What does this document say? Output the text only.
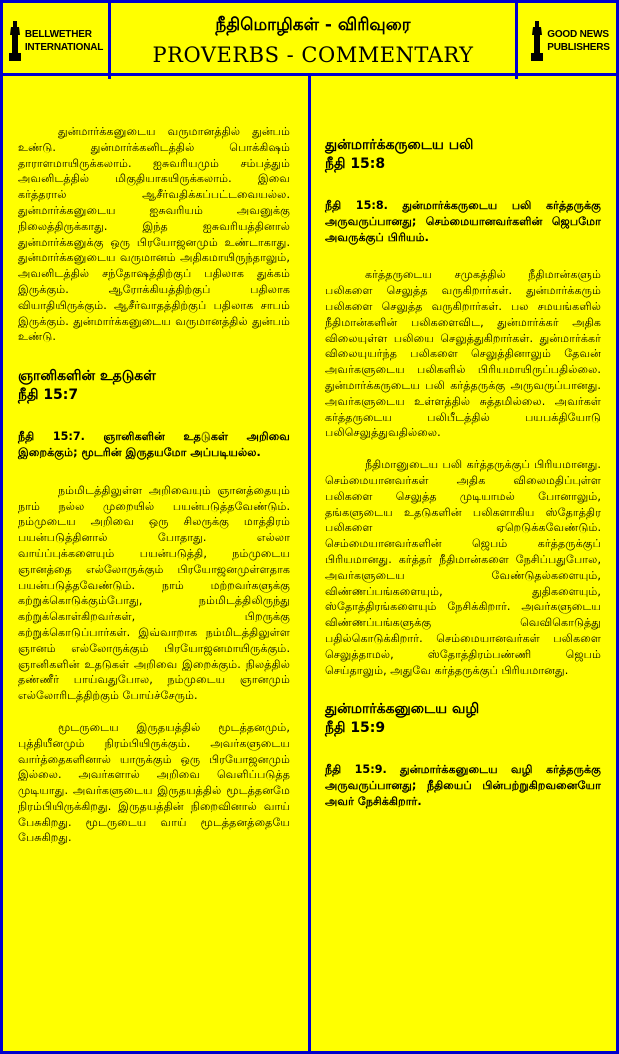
BELLWETHER
INTERNATIONAL
நீதிமொழிகள் - விரிவுரை
PROVERBS - COMMENTARY
GOOD NEWS
PUBLISHERS

துன்மார்க்கனுடைய வருமானத்தில் துன்பம் உண்டு. துன்மார்க்கனிடத்தில் பொக்கிஷம் தாராளமாயிருக்கலாம். ஐசுவரியமும் சம்பத்தும் அவனிடத்தில் மிகுதியாகயிருக்கலாம். இவை கர்த்தரால் ஆசீர்வதிக்கப்பட்டவையல்ல. துன்மார்க்கனுடைய ஐசுவரியம் அவனுக்கு நிலைத்திருக்காது. இந்த ஐசுவரியத்தினால் துன்மார்க்கனுக்கு ஒரு பிரயோஜனமும் உண்டாகாது. துன்மார்க்கனுடைய வருமானம் அதிகமாயிருந்தாலும், அவனிடத்தில் சந்தோஷத்திற்குப் பதிலாக துக்கம் இருக்கும். ஆரோக்கியத்திற்குப் பதிலாக வியாதியிருக்கும். ஆசீர்வாதத்திற்குப் பதிலாக சாபம் இருக்கும். துன்மார்க்கனுடைய வருமானத்தில் துன்பம் உண்டு.

ஞானிகளின் உதடுகள்
நீதி 15:7

நீதி 15:7. ஞானிகளின் உதடுகள் அறிவை இறைக்கும்; மூடரின் இருதயமோ அப்படியல்ல.

நம்மிடத்திலுள்ள அறிவையும் ஞானத்தையும் நாம் நல்ல முறையில் பயன்படுத்தவேண்டும். நம்முடைய அறிவை ஒரு சிலருக்கு மாத்திரம் பயன்படுத்தினால் போதாது. எல்லா வாய்ப்புக்களையும் பயன்படுத்தி, நம்முடைய ஞானத்தை எல்லோருக்கும் பிரயோஜனமுள்ளதாக பயன்படுத்தவேண்டும். நாம் மற்றவர்களுக்கு கற்றுக்கொடுக்கும்போது, நம்மிடத்திலிருந்து கற்றுக்கொள்கிறவர்கள், பிறருக்கு கற்றுக்கொடுப்பார்கள். இவ்வாறாக நம்மிடத்திலுள்ள ஞானம் எல்லோருக்கும் பிரயோஜனமாயிருக்கும். ஞானிகளின் உதடுகள் அறிவை இறைக்கும். நிலத்தில் தண்ணீர் பாய்வதுபோல, நம்முடைய ஞானமும் எல்லோரிடத்திற்கும் போய்ச்சேரும்.

மூடருடைய இருதயத்தில் மூடத்தனமும், புத்தியீனமும் நிரம்பியிருக்கும். அவர்களுடைய வார்த்தைகளினால் யாருக்கும் ஒரு பிரயோஜனமும் இல்லை. அவர்களால் அறிவை வெளிப்படுத்த முடியாது. அவர்களுடைய இருதயத்தில் மூடத்தனமே நிரம்பியிருக்கிறது. இருதயத்தின் நிறைவினால் வாய் பேசுகிறது. மூடருடைய வாய் மூடத்தனத்தையே பேசுகிறது.

துன்மார்க்கருடைய பலி
நீதி 15:8

நீதி 15:8. துன்மார்க்கருடைய பலி கர்த்தருக்கு அருவருப்பானது; செம்மையானவர்களின் ஜெபமோ அவருக்குப் பிரியம்.

கர்த்தருடைய சமுகத்தில் நீதிமான்களும் பலிகளை செலுத்த வருகிறார்கள். துன்மார்க்கரும் பலிகளை செலுத்த வருகிறார்கள். பல சமயங்களில் நீதிமான்களின் பலிகளைவிட, துன்மார்க்கர் அதிக விலையுள்ள பலியை செலுத்துகிறார்கள். துன்மார்க்கர் விலையுயர்ந்த பலிகளை செலுத்தினாலும் தேவன் அவர்களுடைய பலிகளில் பிரியமாயிருப்பதில்லை. துன்மார்க்கருடைய பலி கர்த்தருக்கு அருவருப்பானது. அவர்களுடைய உள்ளத்தில் சுத்தமில்லை. அவர்கள் கர்த்தருடைய பலிபீடத்தில் பயபக்தியோடு பலிசெலுத்துவதில்லை.

நீதிமானுடைய பலி கர்த்தருக்குப் பிரியமானது. செம்மையானவர்கள் அதிக விலைமதிப்புள்ள பலிகளை செலுத்த முடியாமல் போனாலும், தங்களுடைய உதடுகளின் பலிகளாகிய ஸ்தோத்திர பலிகளை ஏறெடுக்கவேண்டும். செம்மையானவர்களின் ஜெபம் கர்த்தருக்குப் பிரியமானது. கர்த்தர் நீதிமான்களை நேசிப்பதுபோல, அவர்களுடைய வேண்டுதல்களையும், விண்ணப்பங்களையும், துதிகளையும், ஸ்தோத்திரங்களையும் நேசிக்கிறார். அவர்களுடைய விண்ணப்பங்களுக்கு வெவிகொடுத்து பதில்கொடுக்கிறார். செம்மையானவர்கள் பலிகளை செலுத்தாமல், ஸ்தோத்திரம்பண்ணி ஜெபம் செய்தாலும், அதுவே கர்த்தருக்குப் பிரியமானது.

துன்மார்க்கனுடைய வழி
நீதி 15:9

நீதி 15:9. துன்மார்க்கனுடைய வழி கர்த்தருக்கு அருவருப்பானது; நீதியைப் பின்பற்றுகிறவனையோ அவர் நேசிக்கிறார்.
